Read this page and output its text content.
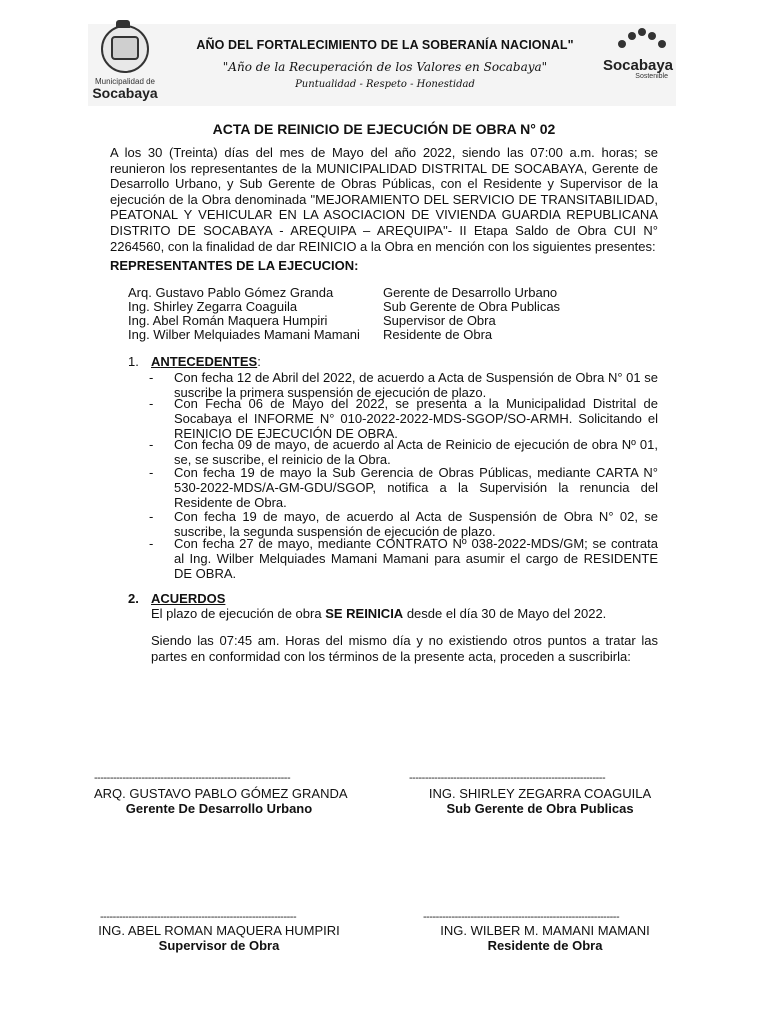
Municipalidad de
Socabaya
AÑO DEL FORTALECIMIENTO DE LA SOBERANÍA NACIONAL"
"Año de la Recuperación de los Valores en Socabaya"
Puntualidad - Respeto - Honestidad
Socabaya
Sostenible
ACTA DE REINICIO DE EJECUCIÓN DE OBRA N° 02
A los 30 (Treinta) días del mes de Mayo del año 2022, siendo las 07:00 a.m. horas; se reunieron los representantes de la MUNICIPALIDAD DISTRITAL DE SOCABAYA, Gerente de Desarrollo Urbano, y Sub Gerente de Obras Públicas, con el Residente y Supervisor de la ejecución de la Obra denominada "MEJORAMIENTO DEL SERVICIO DE TRANSITABILIDAD, PEATONAL Y VEHICULAR EN LA ASOCIACION DE VIVIENDA GUARDIA REPUBLICANA DISTRITO DE SOCABAYA - AREQUIPA – AREQUIPA"- II Etapa Saldo de Obra CUI N° 2264560, con la finalidad de dar REINICIO a la Obra en mención con los siguientes presentes:
REPRESENTANTES DE LA EJECUCION:
Arq. Gustavo Pablo Gómez Granda	Gerente de Desarrollo Urbano
Ing. Shirley Zegarra Coaguila	Sub Gerente de Obra Publicas
Ing. Abel Román Maquera Humpiri	Supervisor de Obra
Ing. Wilber Melquiades Mamani Mamani Residente de Obra
1. ANTECEDENTES:
- Con fecha 12 de Abril del 2022, de acuerdo a Acta de Suspensión de Obra N° 01 se suscribe la primera suspensión de ejecución de plazo.
- Con Fecha 06 de Mayo del 2022, se presenta a la Municipalidad Distrital de Socabaya el INFORME N° 010-2022-2022-MDS-SGOP/SO-ARMH. Solicitando el REINICIO DE EJECUCIÓN DE OBRA.
- Con fecha 09 de mayo, de acuerdo al Acta de Reinicio de ejecución de obra Nº 01, se, se suscribe, el reinicio de la Obra.
- Con fecha 19 de mayo la Sub Gerencia de Obras Públicas, mediante CARTA N° 530-2022-MDS/A-GM-GDU/SGOP, notifica a la Supervisión la renuncia del Residente de Obra.
- Con fecha 19 de mayo, de acuerdo al Acta de Suspensión de Obra N° 02, se suscribe, la segunda suspensión de ejecución de plazo.
- Con fecha 27 de mayo, mediante CONTRATO Nº 038-2022-MDS/GM; se contrata al Ing. Wilber Melquiades Mamani Mamani para asumir el cargo de RESIDENTE DE OBRA.
2. ACUERDOS
El plazo de ejecución de obra SE REINICIA desde el día 30 de Mayo del 2022.
Siendo las 07:45 am. Horas del mismo día y no existiendo otros puntos a tratar las partes en conformidad con los términos de la presente acta, proceden a suscribirla:
--------------------------------------------------------------
ARQ. GUSTAVO PABLO GÓMEZ GRANDA
Gerente De Desarrollo Urbano
--------------------------------------------------------------
ING. SHIRLEY ZEGARRA COAGUILA
Sub Gerente de Obra Publicas
--------------------------------------------------------------
ING. ABEL ROMAN MAQUERA HUMPIRI
Supervisor de Obra
--------------------------------------------------------------
ING. WILBER M. MAMANI MAMANI
Residente de Obra
